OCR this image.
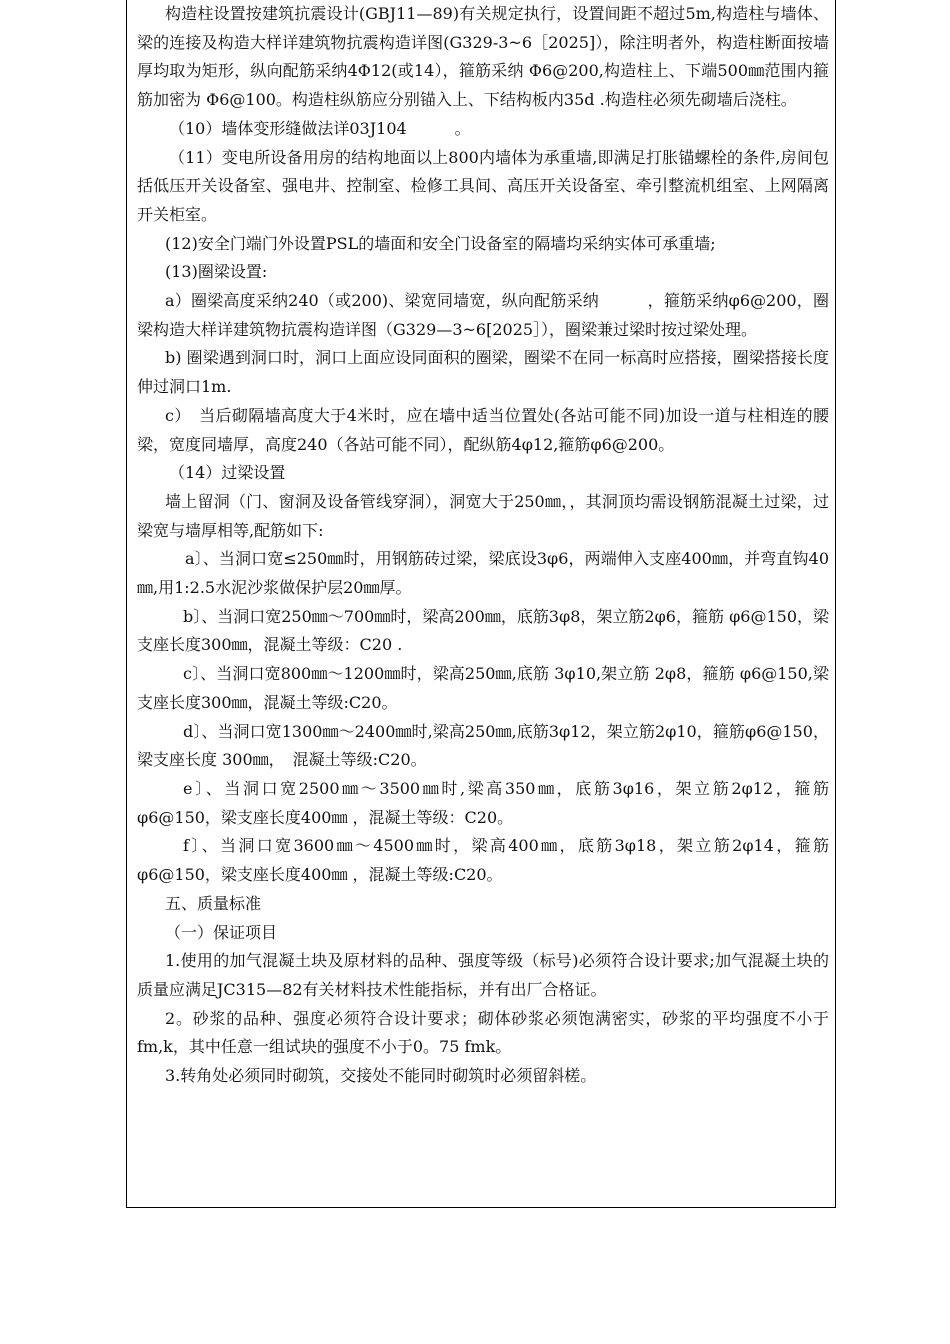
构造柱设置按建筑抗震设计(GBJ11—89)有关规定执行，设置间距不超过5m,构造柱与墙体、梁的连接及构造大样详建筑物抗震构造详图(G329-3~6［2025]），除注明者外，构造柱断面按墙厚均取为矩形，纵向配筋采纳4Φ12(或14），箍筋采纳 Φ6@200,构造柱上、下端500㎜范围内箍筋加密为 Φ6@100。构造柱纵筋应分别锚入上、下结构板内35d .构造柱必须先砌墙后浇柱。

（10）墙体变形缝做法详03J104　　　。

（11）变电所设备用房的结构地面以上800内墙体为承重墙,即满足打胀锚螺栓的条件,房间包括低压开关设备室、强电井、控制室、检修工具间、高压开关设备室、牵引整流机组室、上网隔离开关柜室。

(12)安全门端门外设置PSL的墙面和安全门设备室的隔墙均采纳实体可承重墙;

(13)圈梁设置:

a）圈梁高度采纳240（或200)、梁宽同墙宽，纵向配筋采纳　　　，箍筋采纳φ6@200，圈梁构造大样详建筑物抗震构造详图（G329—3~6[2025］），圈梁兼过梁时按过梁处理。

b) 圈梁遇到洞口时，洞口上面应设同面积的圈梁，圈梁不在同一标高时应搭接，圈梁搭接长度伸过洞口1m.

c）　当后砌隔墙高度大于4米时，应在墙中适当位置处(各站可能不同)加设一道与柱相连的腰梁，宽度同墙厚，高度240（各站可能不同），配纵筋4φ12,箍筋φ6@200。

（14）过梁设置

墙上留洞（门、窗洞及设备管线穿洞），洞宽大于250㎜，，其洞顶均需设钢筋混凝土过梁，过梁宽与墙厚相等,配筋如下:

a〕、当洞口宽≤250㎜时，用钢筋砖过梁，梁底设3φ6，两端伸入支座400㎜，并弯直钩40㎜,用1:2.5水泥沙浆做保护层20㎜厚。

b〕、当洞口宽250㎜～700㎜时，梁高200㎜，底筋3φ8，架立筋2φ6，箍筋 φ6@150，梁支座长度300㎜，混凝土等级：C20 .

c〕、当洞口宽800㎜～1200㎜时，梁高250㎜,底筋 3φ10,架立筋 2φ8，箍筋 φ6@150,梁支座长度300㎜，混凝土等级:C20。

d〕、当洞口宽1300㎜～2400㎜时,梁高250㎜,底筋3φ12，架立筋2φ10，箍筋φ6@150，梁支座长度 300㎜，　混凝土等级:C20。

e〕、当洞口宽2500㎜～3500㎜时,梁高350㎜，底筋3φ16，架立筋2φ12，箍筋φ6@150，梁支座长度400㎜ ，混凝土等级：C20。

f〕、当洞口宽3600㎜～4500㎜时，梁高400㎜，底筋3φ18，架立筋2φ14，箍筋φ6@150，梁支座长度400㎜ ，混凝土等级:C20。

五、质量标准

（一）保证项目

1.使用的加气混凝土块及原材料的品种、强度等级（标号)必须符合设计要求;加气混凝土块的质量应满足JC315—82有关材料技术性能指标，并有出厂合格证。

2。砂浆的品种、强度必须符合设计要求；砌体砂浆必须饱满密实，砂浆的平均强度不小于fm,k，其中任意一组试块的强度不小于0。75 fmk。

3.转角处必须同时砌筑，交接处不能同时砌筑时必须留斜槎。
